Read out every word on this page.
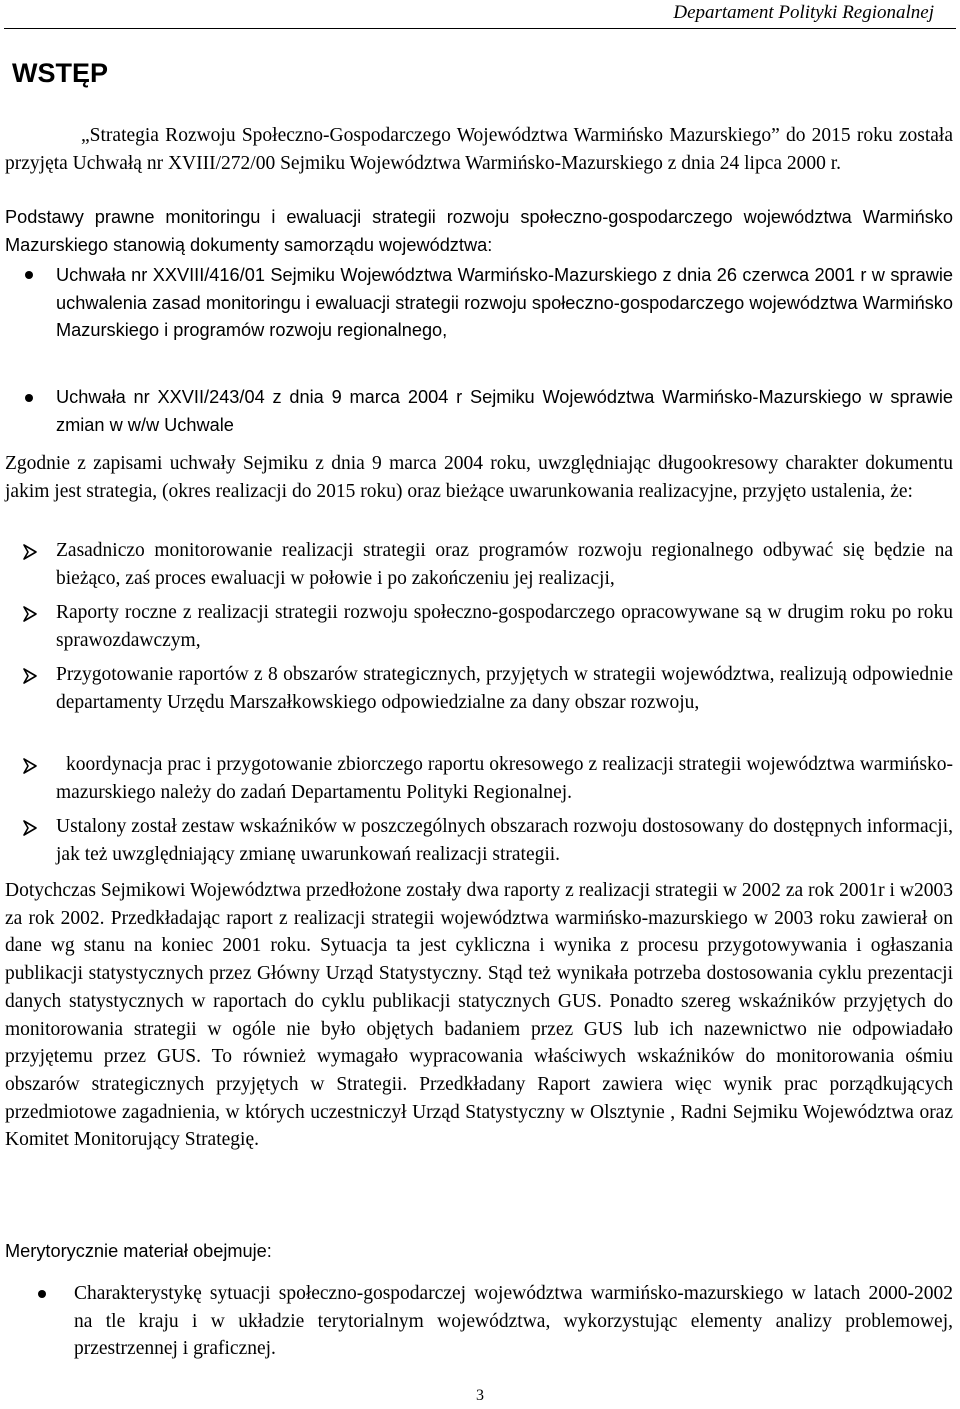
Departament Polityki Regionalnej
WSTĘP

„Strategia Rozwoju Społeczno-Gospodarczego Województwa Warmińsko Mazurskiego” do 2015 roku została przyjęta Uchwałą nr XVIII/272/00 Sejmiku Województwa Warmińsko-Mazurskiego z dnia 24 lipca 2000 r.

Podstawy prawne monitoringu i ewaluacji strategii rozwoju społeczno-gospodarczego województwa Warmińsko Mazurskiego stanowią dokumenty samorządu województwa:

Uchwała nr XXVIII/416/01 Sejmiku Województwa Warmińsko-Mazurskiego z dnia 26 czerwca 2001 r w sprawie uchwalenia zasad monitoringu i ewaluacji strategii rozwoju społeczno-gospodarczego województwa Warmińsko Mazurskiego i programów rozwoju regionalnego,

Uchwała nr XXVII/243/04 z dnia 9 marca 2004 r Sejmiku Województwa Warmińsko-Mazurskiego w sprawie zmian w w/w Uchwale

Zgodnie z zapisami uchwały Sejmiku z dnia 9 marca 2004 roku, uwzględniając długookresowy charakter dokumentu jakim jest strategia, (okres realizacji do 2015 roku) oraz bieżące uwarunkowania realizacyjne, przyjęto ustalenia, że:

Zasadniczo monitorowanie realizacji strategii oraz programów rozwoju regionalnego odbywać się będzie na bieżąco, zaś proces ewaluacji w połowie i po zakończeniu jej realizacji,

Raporty roczne z realizacji strategii rozwoju społeczno-gospodarczego opracowywane są w drugim roku po roku sprawozdawczym,

Przygotowanie raportów z 8 obszarów strategicznych, przyjętych w strategii województwa, realizują odpowiednie departamenty Urzędu Marszałkowskiego odpowiedzialne za dany obszar rozwoju,

koordynacja prac i przygotowanie zbiorczego raportu okresowego z realizacji strategii województwa warmińsko-mazurskiego należy do zadań Departamentu Polityki Regionalnej.

Ustalony został zestaw wskaźników w poszczególnych obszarach rozwoju dostosowany do dostępnych informacji, jak też uwzględniający zmianę uwarunkowań realizacji strategii.

Dotychczas Sejmikowi Województwa przedłożone zostały dwa raporty z realizacji strategii w 2002 za rok 2001r i w2003 za rok 2002. Przedkładając raport z realizacji strategii województwa warmińsko-mazurskiego w 2003 roku zawierał on dane wg stanu na koniec 2001 roku. Sytuacja ta jest cykliczna i wynika z procesu przygotowywania i ogłaszania publikacji statystycznych przez Główny Urząd Statystyczny. Stąd też wynikała potrzeba dostosowania cyklu prezentacji danych statystycznych w raportach do cyklu publikacji statycznych GUS. Ponadto szereg wskaźników przyjętych do monitorowania strategii w ogóle nie było objętych badaniem przez GUS lub ich nazewnictwo nie odpowiadało przyjętemu przez GUS. To również wymagało wypracowania właściwych wskaźników do monitorowania ośmiu obszarów strategicznych przyjętych w Strategii. Przedkładany Raport zawiera więc wynik prac porządkujących przedmiotowe zagadnienia, w których uczestniczył Urząd Statystyczny w Olsztynie , Radni Sejmiku Województwa oraz Komitet Monitorujący Strategię.

Merytorycznie materiał obejmuje:

Charakterystykę sytuacji społeczno-gospodarczej województwa warmińsko-mazurskiego w latach 2000-2002 na tle kraju i w układzie terytorialnym województwa, wykorzystując elementy analizy problemowej, przestrzennej i graficznej.

3
